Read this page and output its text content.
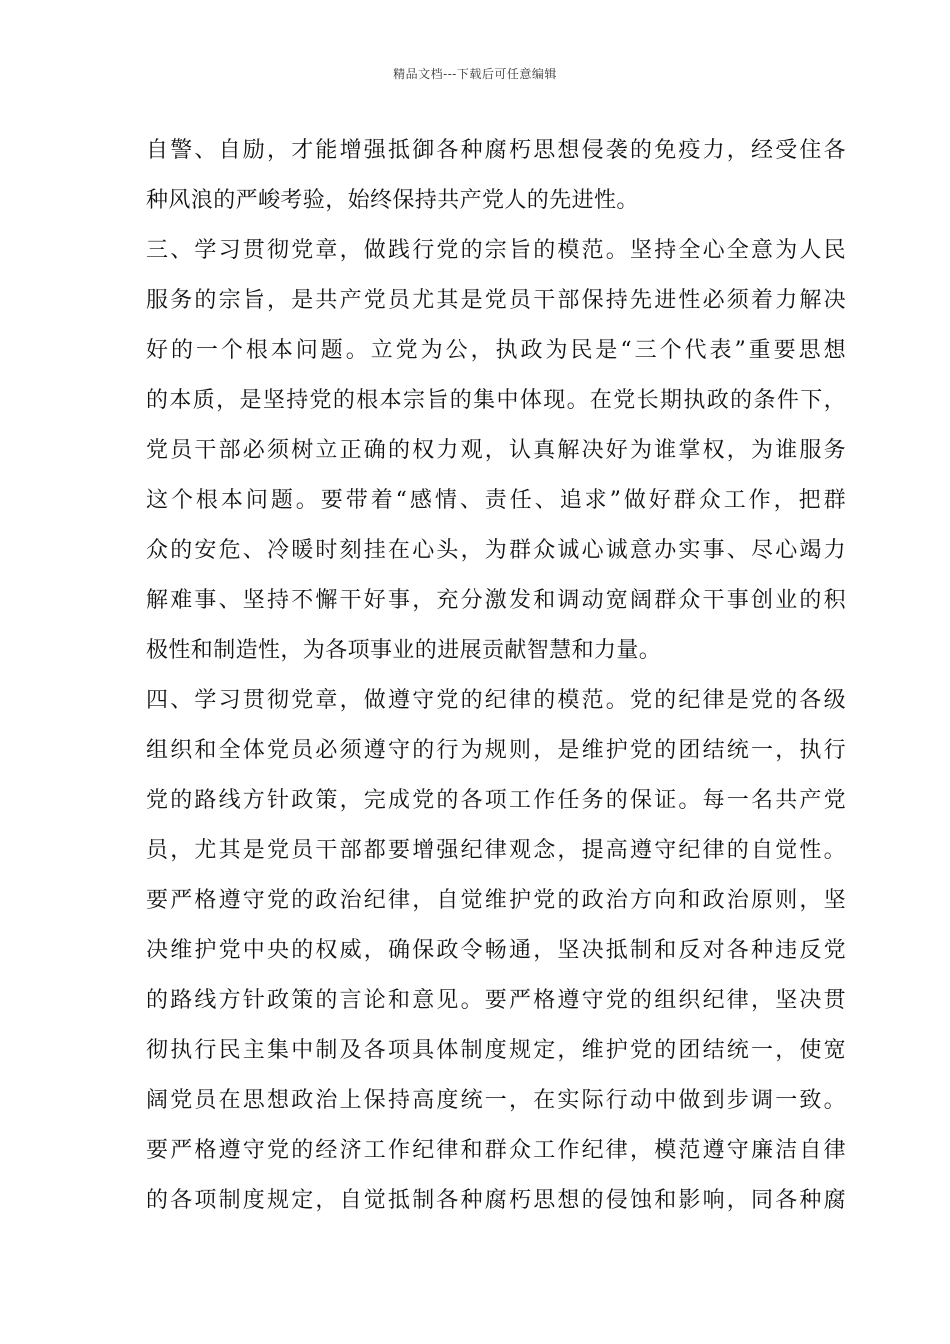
精品文档---下载后可任意编辑
自警、自励，才能增强抵御各种腐朽思想侵袭的免疫力，经受住各
种风浪的严峻考验，始终保持共产党人的先进性。
三、学习贯彻党章，做践行党的宗旨的模范。坚持全心全意为人民
服务的宗旨，是共产党员尤其是党员干部保持先进性必须着力解决
好的一个根本问题。立党为公，执政为民是“三个代表”重要思想
的本质，是坚持党的根本宗旨的集中体现。在党长期执政的条件下，
党员干部必须树立正确的权力观，认真解决好为谁掌权，为谁服务
这个根本问题。要带着“感情、责任、追求”做好群众工作，把群
众的安危、冷暖时刻挂在心头，为群众诚心诚意办实事、尽心竭力
解难事、坚持不懈干好事，充分激发和调动宽阔群众干事创业的积
极性和制造性，为各项事业的进展贡献智慧和力量。
四、学习贯彻党章，做遵守党的纪律的模范。党的纪律是党的各级
组织和全体党员必须遵守的行为规则，是维护党的团结统一，执行
党的路线方针政策，完成党的各项工作任务的保证。每一名共产党
员，尤其是党员干部都要增强纪律观念，提高遵守纪律的自觉性。
要严格遵守党的政治纪律，自觉维护党的政治方向和政治原则，坚
决维护党中央的权威，确保政令畅通，坚决抵制和反对各种违反党
的路线方针政策的言论和意见。要严格遵守党的组织纪律，坚决贯
彻执行民主集中制及各项具体制度规定，维护党的团结统一，使宽
阔党员在思想政治上保持高度统一，在实际行动中做到步调一致。
要严格遵守党的经济工作纪律和群众工作纪律，模范遵守廉洁自律
的各项制度规定，自觉抵制各种腐朽思想的侵蚀和影响，同各种腐
